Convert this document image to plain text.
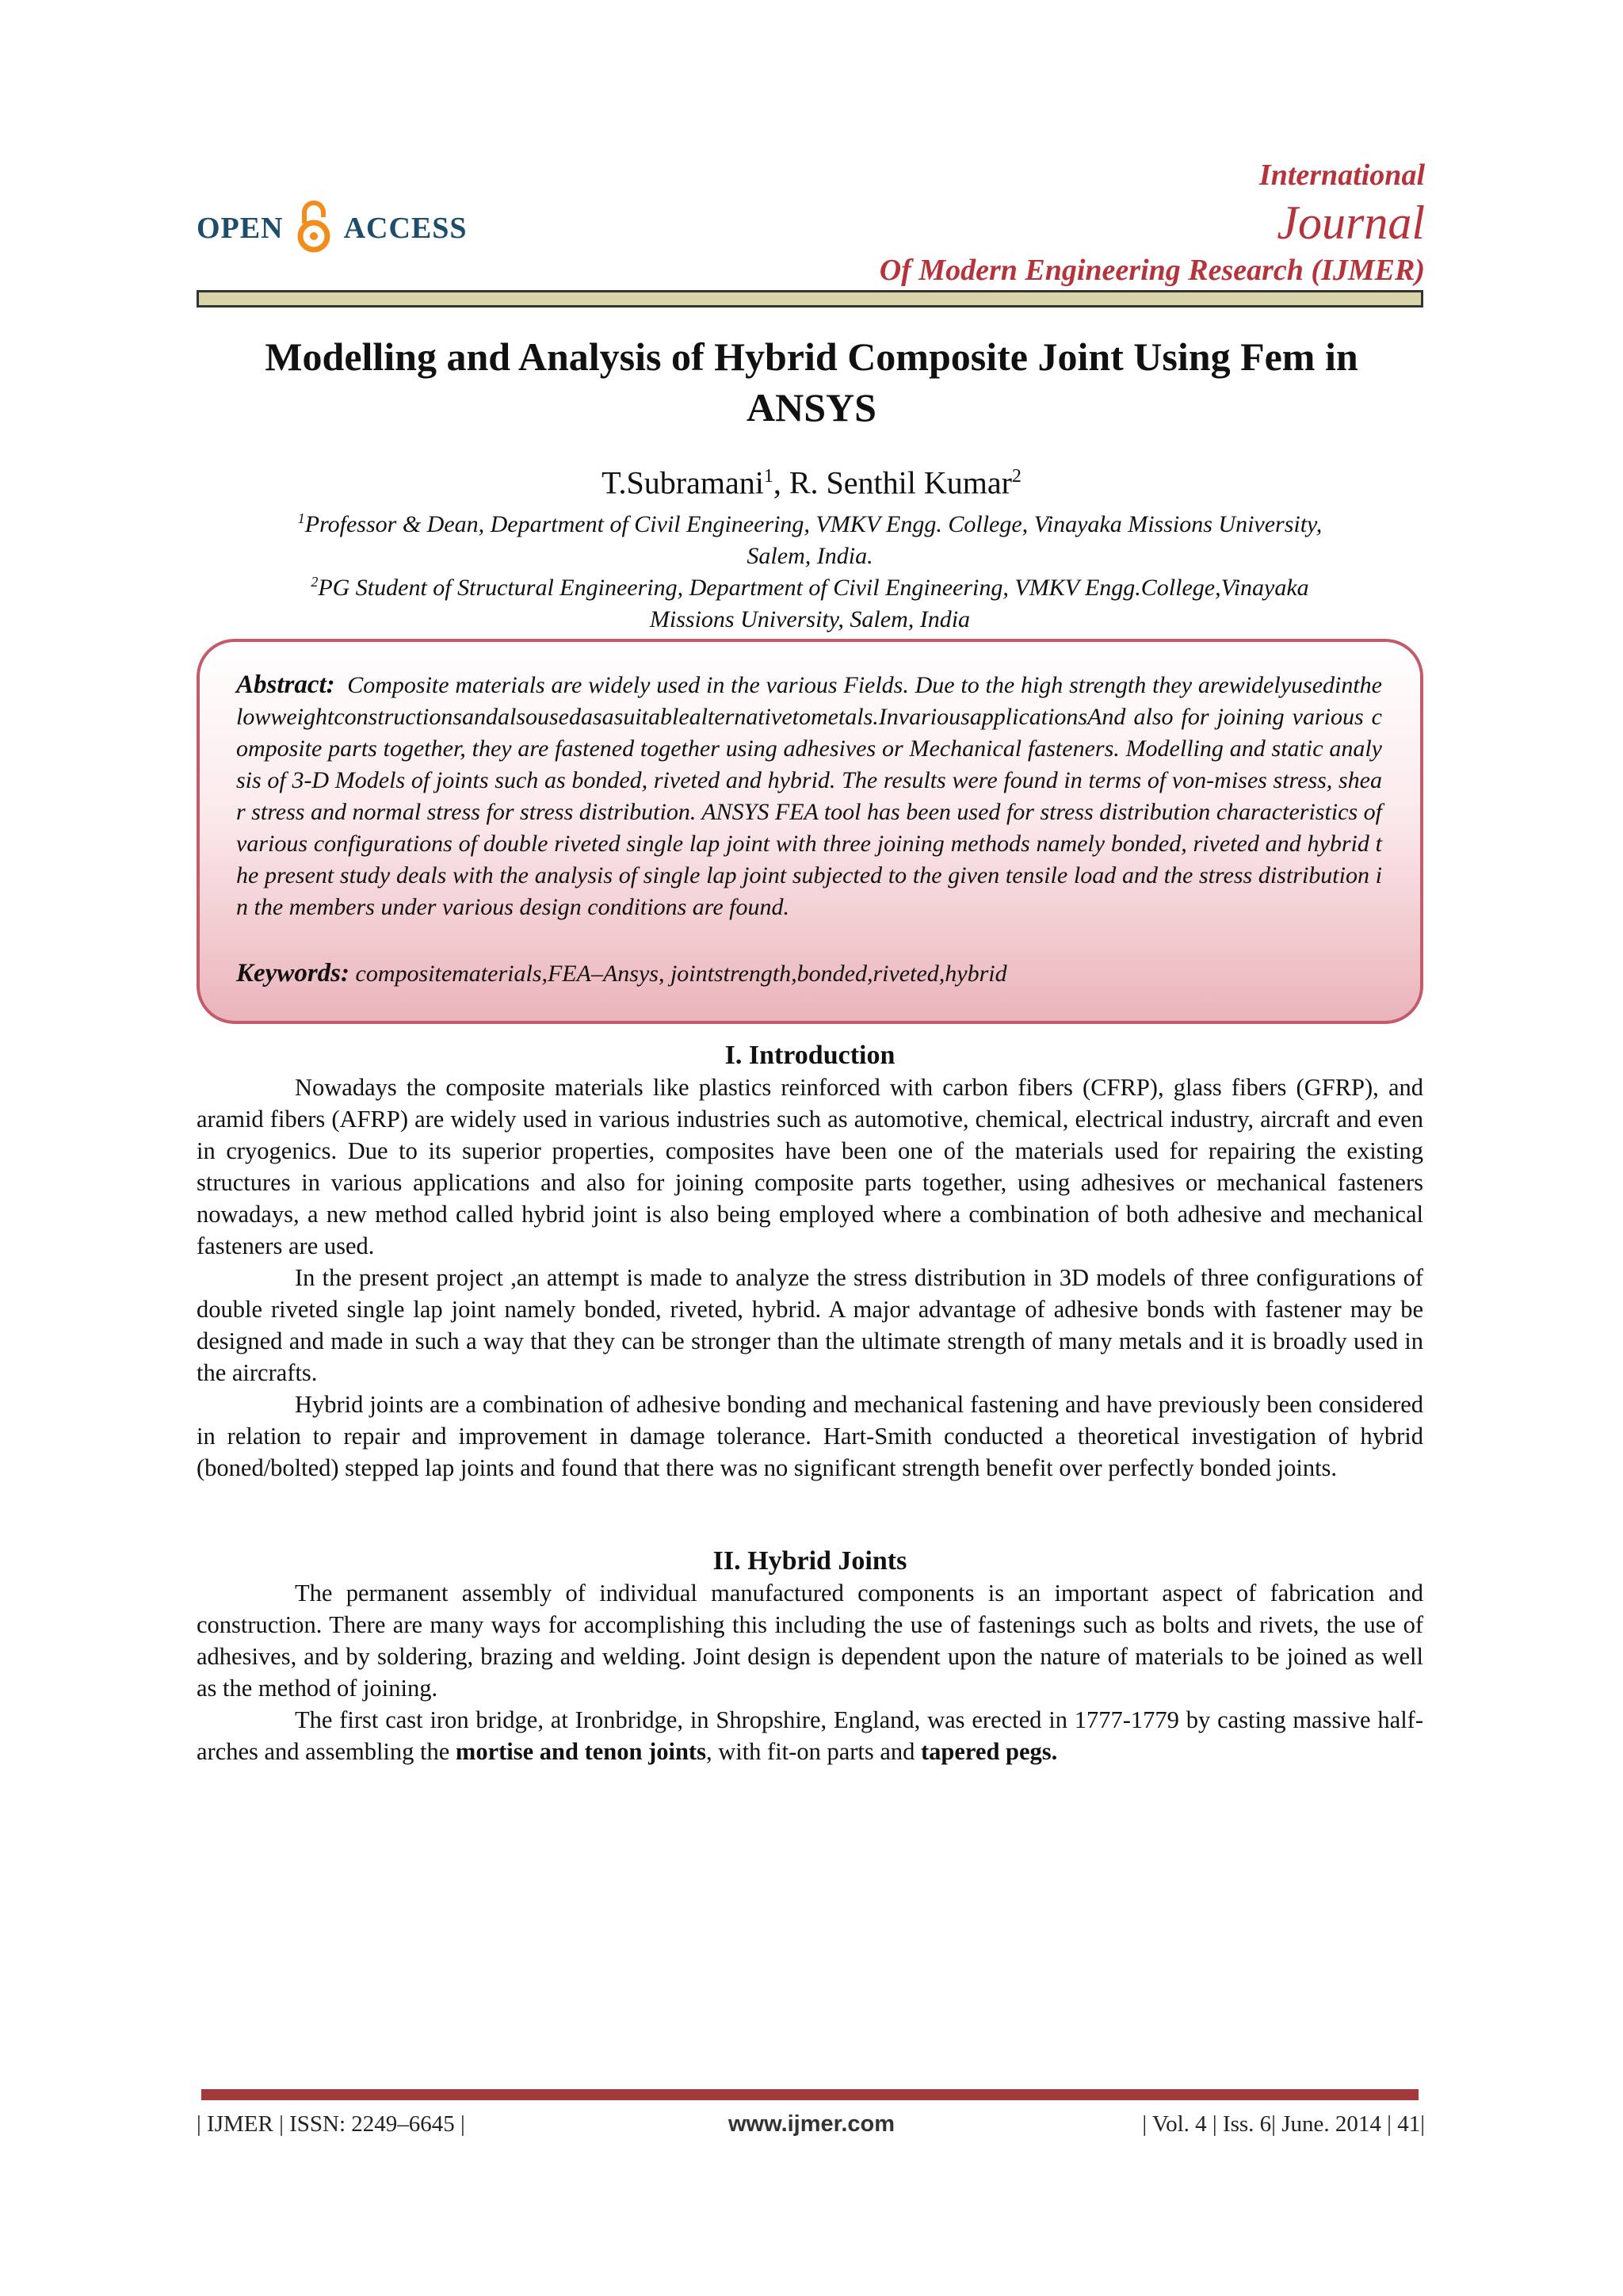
OPEN ACCESS
International
Journal
Of Modern Engineering Research (IJMER)
Modelling and Analysis of Hybrid Composite Joint Using Fem in
ANSYS
T.Subramani$^1$, R. Senthil Kumar$^2$
$^1$Professor & Dean, Department of Civil Engineering, VMKV Engg. College, Vinayaka Missions University,
Salem, India.
$^2$PG Student of Structural Engineering, Department of Civil Engineering, VMKV Engg.College,Vinayaka
Missions University, Salem, India
Abstract: Composite materials are widely used in the various Fields. Due to the high strength they arewidelyusedinthelowweightconstructionsandalsousedasasuitablealternativetometals.InvariousapplicationsAnd also for joining various composite parts together, they are fastened together using adhesives or Mechanical fasteners. Modelling and static analysis of 3-D Models of joints such as bonded, riveted and hybrid. The results were found in terms of von-mises stress, shear stress and normal stress for stress distribution. ANSYS FEA tool has been used for stress distribution characteristics of various configurations of double riveted single lap joint with three joining methods namely bonded, riveted and hybrid the present study deals with the analysis of single lap joint subjected to the given tensile load and the stress distribution in the members under various design conditions are found.
Keywords: compositematerials,FEA–Ansys, jointstrength,bonded,riveted,hybrid
I. Introduction
Nowadays the composite materials like plastics reinforced with carbon fibers (CFRP), glass fibers (GFRP), and aramid fibers (AFRP) are widely used in various industries such as automotive, chemical, electrical industry, aircraft and even in cryogenics. Due to its superior properties, composites have been one of the materials used for repairing the existing structures in various applications and also for joining composite parts together, using adhesives or mechanical fasteners nowadays, a new method called hybrid joint is also being employed where a combination of both adhesive and mechanical fasteners are used.
In the present project ,an attempt is made to analyze the stress distribution in 3D models of three configurations of double riveted single lap joint namely bonded, riveted, hybrid. A major advantage of adhesive bonds with fastener may be designed and made in such a way that they can be stronger than the ultimate strength of many metals and it is broadly used in the aircrafts.
Hybrid joints are a combination of adhesive bonding and mechanical fastening and have previously been considered in relation to repair and improvement in damage tolerance. Hart-Smith conducted a theoretical investigation of hybrid (boned/bolted) stepped lap joints and found that there was no significant strength benefit over perfectly bonded joints.
II. Hybrid Joints
The permanent assembly of individual manufactured components is an important aspect of fabrication and construction. There are many ways for accomplishing this including the use of fastenings such as bolts and rivets, the use of adhesives, and by soldering, brazing and welding. Joint design is dependent upon the nature of materials to be joined as well as the method of joining.
The first cast iron bridge, at Ironbridge, in Shropshire, England, was erected in 1777-1779 by casting massive half-arches and assembling the mortise and tenon joints, with fit-on parts and tapered pegs.
| IJMER | ISSN: 2249–6645 |	www.ijmer.com	| Vol. 4 | Iss. 6| June. 2014 | 41|
